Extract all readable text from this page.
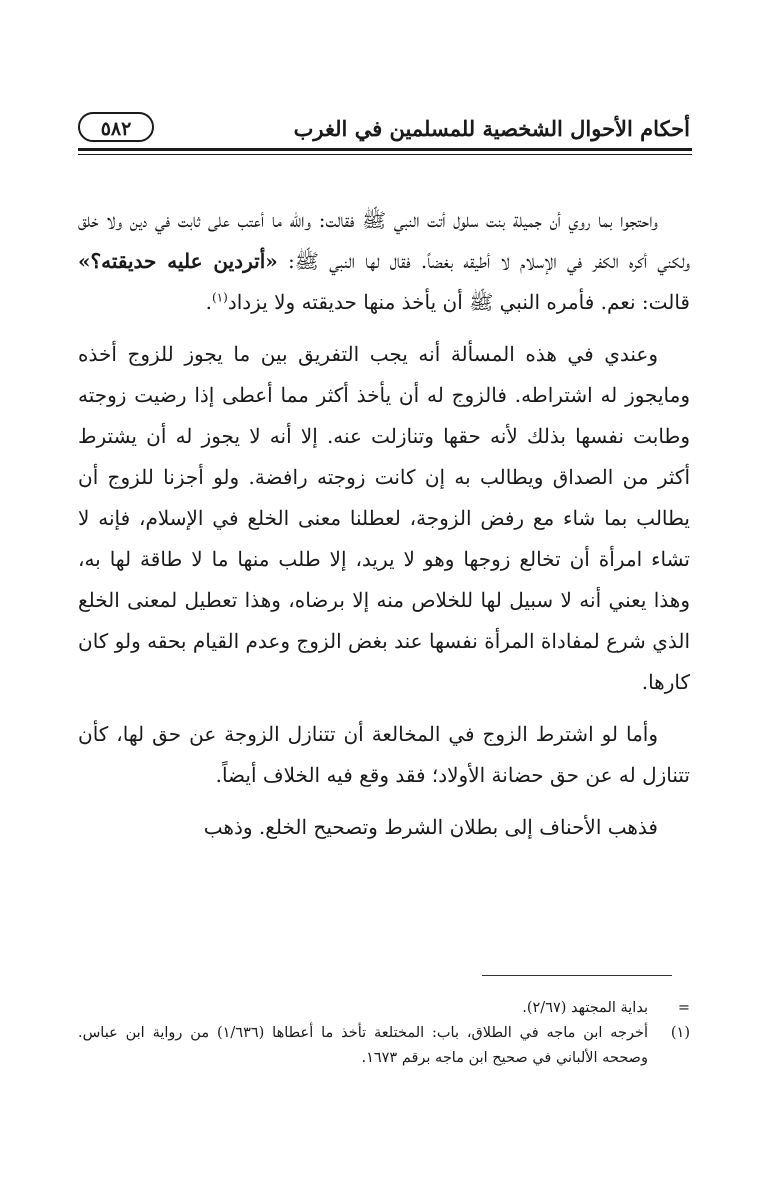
أحكام الأحوال الشخصية للمسلمين في الغرب
٥٨٢

واحتجوا بما روي أن جميلة بنت سلول أتت النبي ﷺ فقالت: والله ما أعتب على ثابت في دين ولا خلق ولكني أكره الكفر في الإسلام لا أطيقه بغضاً. فقال لها النبي ﷺ: «أتردين عليه حديقته؟» قالت: نعم. فأمره النبي ﷺ أن يأخذ منها حديقته ولا يزداد$^{(١)}$.

وعندي في هذه المسألة أنه يجب التفريق بين ما يجوز للزوج أخذه ومايجوز له اشتراطه. فالزوج له أن يأخذ أكثر مما أعطى إذا رضيت زوجته وطابت نفسها بذلك لأنه حقها وتنازلت عنه. إلا أنه لا يجوز له أن يشترط أكثر من الصداق ويطالب به إن كانت زوجته رافضة. ولو أجزنا للزوج أن يطالب بما شاء مع رفض الزوجة، لعطلنا معنى الخلع في الإسلام، فإنه لا تشاء امرأة أن تخالع زوجها وهو لا يريد، إلا طلب منها ما لا طاقة لها به، وهذا يعني أنه لا سبيل لها للخلاص منه إلا برضاه، وهذا تعطيل لمعنى الخلع الذي شرع لمفاداة المرأة نفسها عند بغض الزوج وعدم القيام بحقه ولو كان كارها.

وأما لو اشترط الزوج في المخالعة أن تتنازل الزوجة عن حق لها، كأن تتنازل له عن حق حضانة الأولاد؛ فقد وقع فيه الخلاف أيضاً.

فذهب الأحناف إلى بطلان الشرط وتصحيح الخلع. وذهب

=
بداية المجتهد (٢/٦٧).
(١)
أخرجه ابن ماجه في الطلاق، باب: المختلعة تأخذ ما أعطاها (١/٦٣٦) من رواية ابن عباس. وصححه الألباني في صحيح ابن ماجه برقم ١٦٧٣.
